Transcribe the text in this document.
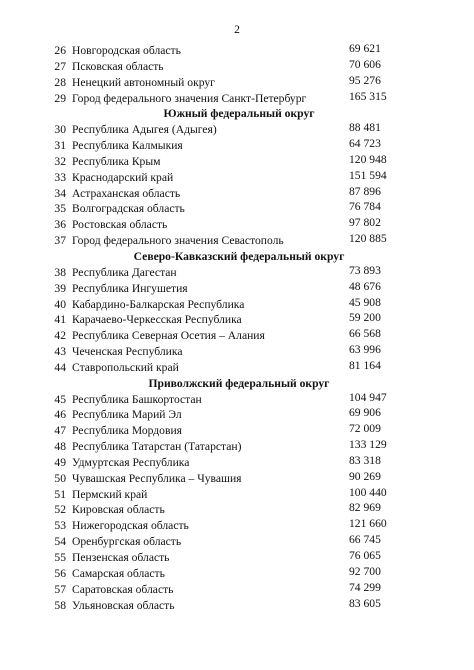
2
26 Новгородская область	69 621
27 Псковская область	70 606
28 Ненецкий автономный округ	95 276
29 Город федерального значения Санкт-Петербург	165 315
Южный федеральный округ
30 Республика Адыгея (Адыгея)	88 481
31 Республика Калмыкия	64 723
32 Республика Крым	120 948
33 Краснодарский край	151 594
34 Астраханская область	87 896
35 Волгоградская область	76 784
36 Ростовская область	97 802
37 Город федерального значения Севастополь	120 885
Северо-Кавказский федеральный округ
38 Республика Дагестан	73 893
39 Республика Ингушетия	48 676
40 Кабардино-Балкарская Республика	45 908
41 Карачаево-Черкесская Республика	59 200
42 Республика Северная Осетия – Алания	66 568
43 Чеченская Республика	63 996
44 Ставропольский край	81 164
Приволжский федеральный округ
45 Республика Башкортостан	104 947
46 Республика Марий Эл	69 906
47 Республика Мордовия	72 009
48 Республика Татарстан (Татарстан)	133 129
49 Удмуртская Республика	83 318
50 Чувашская Республика – Чувашия	90 269
51 Пермский край	100 440
52 Кировская область	82 969
53 Нижегородская область	121 660
54 Оренбургская область	66 745
55 Пензенская область	76 065
56 Самарская область	92 700
57 Саратовская область	74 299
58 Ульяновская область	83 605
